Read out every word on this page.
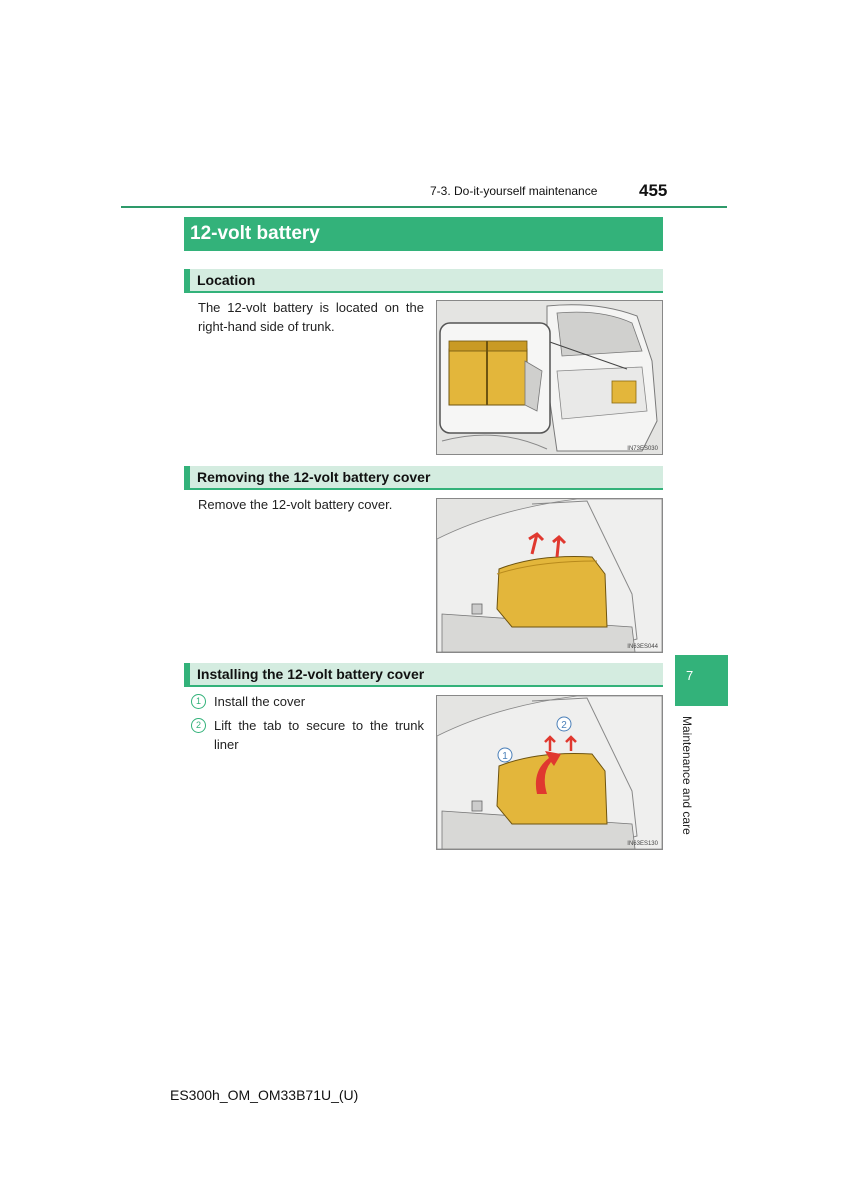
7-3. Do-it-yourself maintenance 455
12-volt battery
Location
The 12-volt battery is located on the right-hand side of trunk.
IN73ES030
Removing the 12-volt battery cover
Remove the 12-volt battery cover.
IN63ES044
Installing the 12-volt battery cover
1	Install the cover
2	Lift the tab to secure to the trunk liner
1
2
IN63ES130
7
Maintenance and care
ES300h_OM_OM33B71U_(U)
